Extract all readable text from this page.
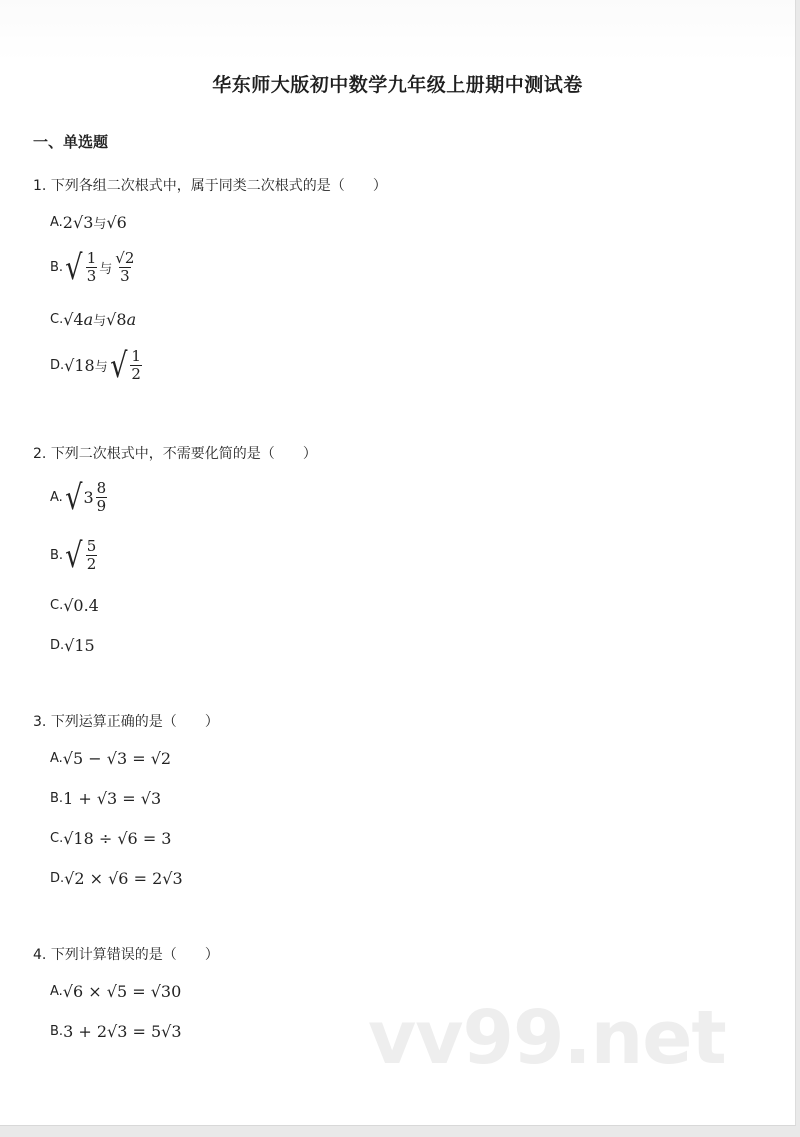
华东师大版初中数学九年级上册期中测试卷
一、单选题
1. 下列各组二次根式中，属于同类二次根式的是（ ）
A. 2√3与√6
B. √ $\frac{1}{3}$ 与 $\frac{√2}{3}$
C. √4a与√8a
D. √18 与 √ $\frac{1}{2}$
2. 下列二次根式中，不需要化简的是（ ）
A. √ $3 \frac{8}{9}$
B. √ $\frac{5}{2}$
C. √0.4
D. √15
3. 下列运算正确的是（ ）
A. √5 − √3 = √2
B. 1 + √3 = √3
C. √18 ÷ √6 = 3
D. √2 × √6 = 2√3
4. 下列计算错误的是（ ）
A. √6 × √5 = √30
B. 3 + 2√3 = 5√3	vv99.net
